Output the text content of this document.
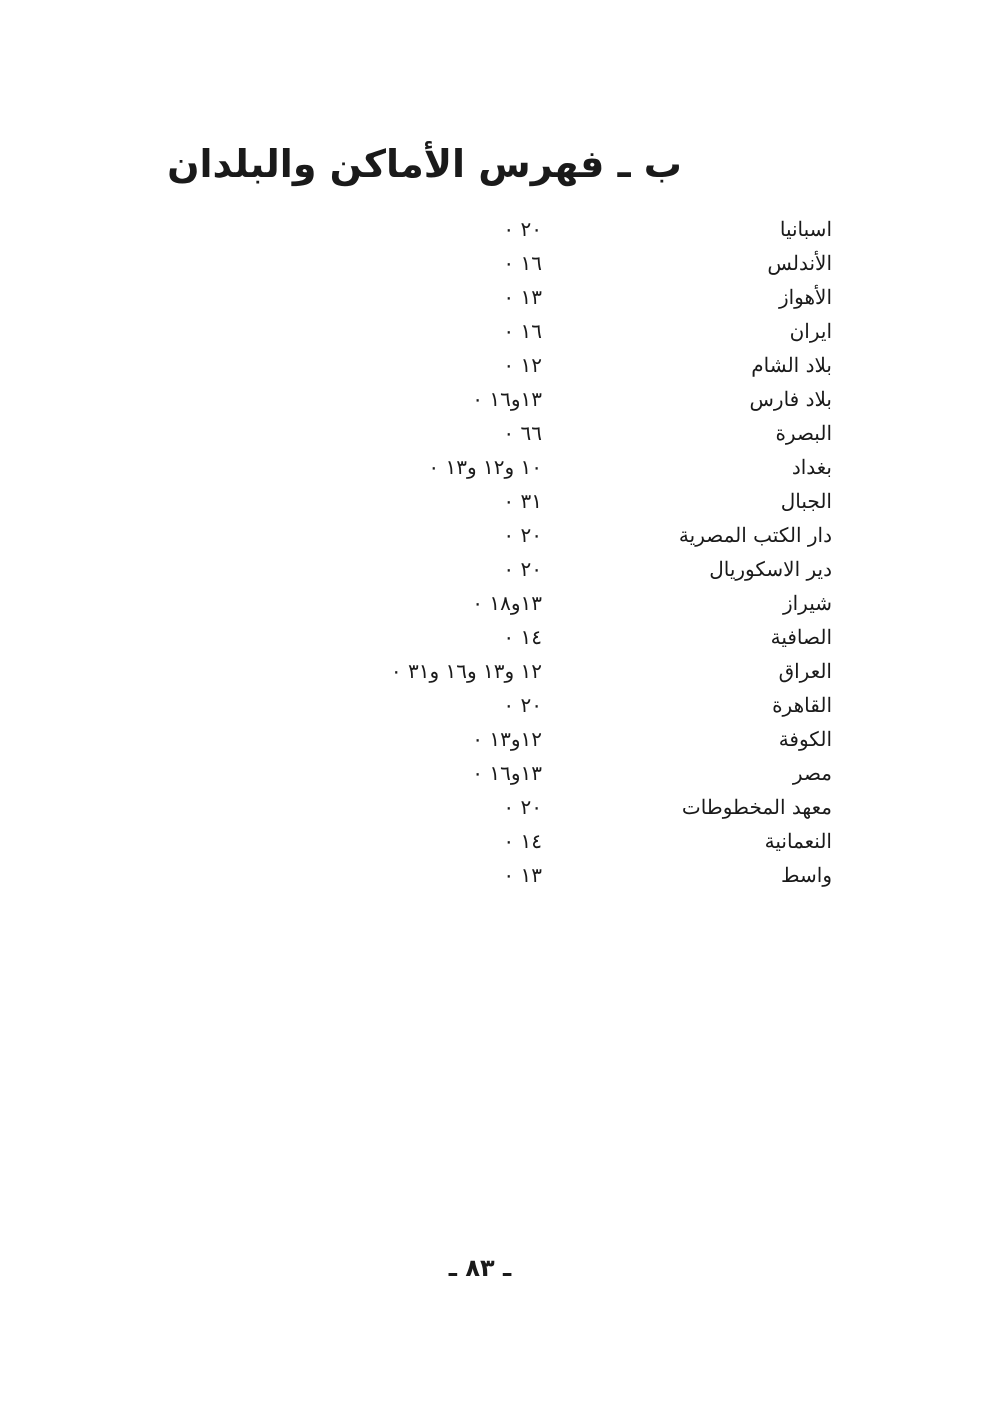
ب ـ فهرس الأماكن والبلدان
اسبانيا
٢٠ ٠
الأندلس
١٦ ٠
الأهواز
١٣ ٠
ايران
١٦ ٠
بلاد الشام
١٢ ٠
بلاد فارس
١٣و١٦ ٠
البصرة
٦٦ ٠
بغداد
١٠ و١٢ و١٣ ٠
الجبال
٣١ ٠
دار الكتب المصرية
٢٠ ٠
دير الاسكوريال
٢٠ ٠
شيراز
١٣و١٨ ٠
الصافية
١٤ ٠
العراق
١٢ و١٣ و١٦ و٣١ ٠
القاهرة
٢٠ ٠
الكوفة
١٢و١٣ ٠
مصر
١٣و١٦ ٠
معهد المخطوطات
٢٠ ٠
النعمانية
١٤ ٠
واسط
١٣ ٠
ـ ٨٣ ـ
